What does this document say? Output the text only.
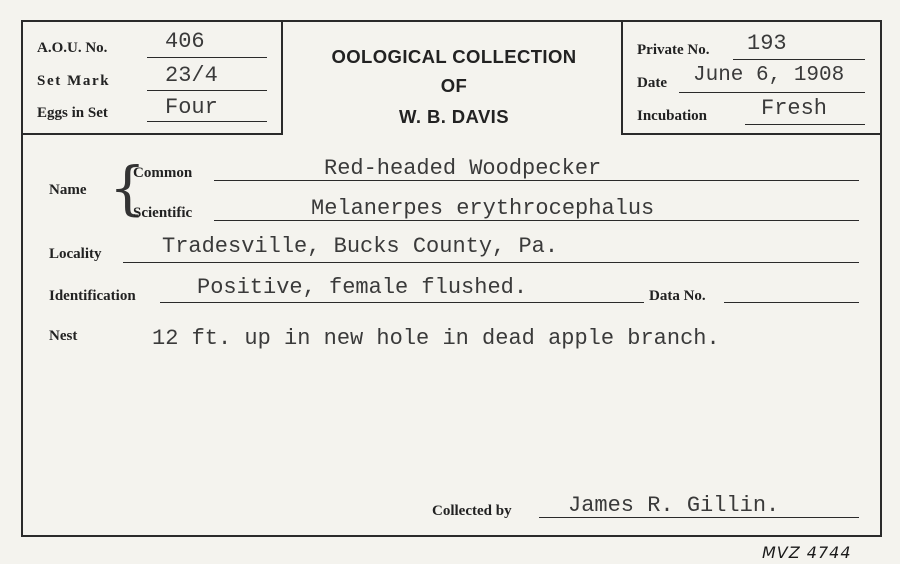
A.O.U. No.	406
Set Mark 23/4
Eggs in Set	Four
OOLOGICAL COLLECTION
OF
W. B. DAVIS
Private No. 193
Date June 6, 1908
Incubation Fresh
Name {
Common	Red-headed Woodpecker
Scientific	Melanerpes erythrocephalus
Locality	Tradesville, Bucks County, Pa.
Identification	Positive, female flushed.	Data No.
Nest	12 ft. up in new hole in dead apple branch.
Collected by	James R. Gillin.
MVZ 4744
